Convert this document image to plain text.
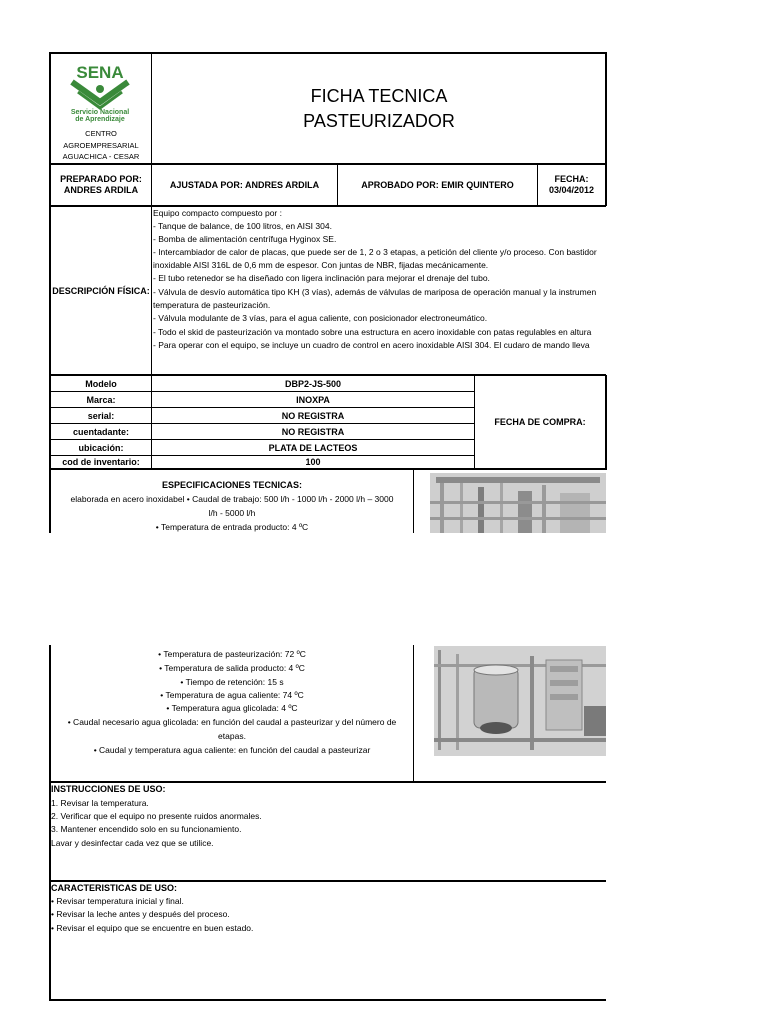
SENA
Servicio Nacional
de Aprendizaje
CENTRO
AGROEMPRESARIAL
AGUACHICA - CESAR
FICHA TECNICA
PASTEURIZADOR
PREPARADO POR:
ANDRES ARDILA	AJUSTADA POR: ANDRES ARDILA	APROBADO POR: EMIR QUINTERO
FECHA:
03/04/2012
DESCRIPCIÓN FÍSICA:
Equipo compacto compuesto por :
- Tanque de balance, de 100 litros, en AISI 304.
- Bomba de alimentación centrífuga Hyginox SE.
- Intercambiador de calor de placas, que puede ser de 1, 2 o 3 etapas, a petición del cliente y/o proceso. Con bastidor
inoxidable AISI 316L de 0,6 mm de espesor. Con juntas de NBR, fijadas mecánicamente.
- El tubo retenedor se ha diseñado con ligera inclinación para mejorar el drenaje del tubo.
- Válvula de desvío automática tipo KH (3 vías), además de válvulas de mariposa de operación manual y la instrumen
temperatura de pasteurización.
- Válvula modulante de 3 vías, para el agua caliente, con posicionador electroneumático.
- Todo el skid de pasteurización va montado sobre una estructura en acero inoxidable con patas regulables en altura
- Para operar con el equipo, se incluye un cuadro de control en acero inoxidable AISI 304. El cudaro de mando lleva
Modelo	DBP2-JS-500
Marca:	INOXPA
serial:	NO REGISTRA
cuentadante:	NO REGISTRA
ubicación:	PLATA DE LACTEOS
cod de inventario:	100
FECHA DE COMPRA:
ESPECIFICACIONES TECNICAS:
elaborada en acero inoxidabel • Caudal de trabajo: 500 l/h - 1000 l/h - 2000 l/h – 3000
l/h - 5000 l/h
• Temperatura de entrada producto: 4 ºC
• Temperatura de pasteurización: 72 ºC
• Temperatura de salida producto: 4 ºC
• Tiempo de retención: 15 s
• Temperatura de agua caliente: 74 ºC
• Temperatura agua glicolada: 4 ºC
• Caudal necesario agua glicolada: en función del caudal a pasteurizar y del número de
etapas.
• Caudal y temperatura agua caliente: en función del caudal a pasteurizar
INSTRUCCIONES DE USO:
1. Revisar la temperatura.
2. Verificar que el equipo no presente ruidos anormales.
3. Mantener encendido solo en su funcionamiento.
Lavar y desinfectar cada vez que se utilice.
CARACTERISTICAS DE USO:
• Revisar temperatura inicial y final.
• Revisar la leche antes y después del proceso.
• Revisar el equipo que se encuentre en buen estado.
